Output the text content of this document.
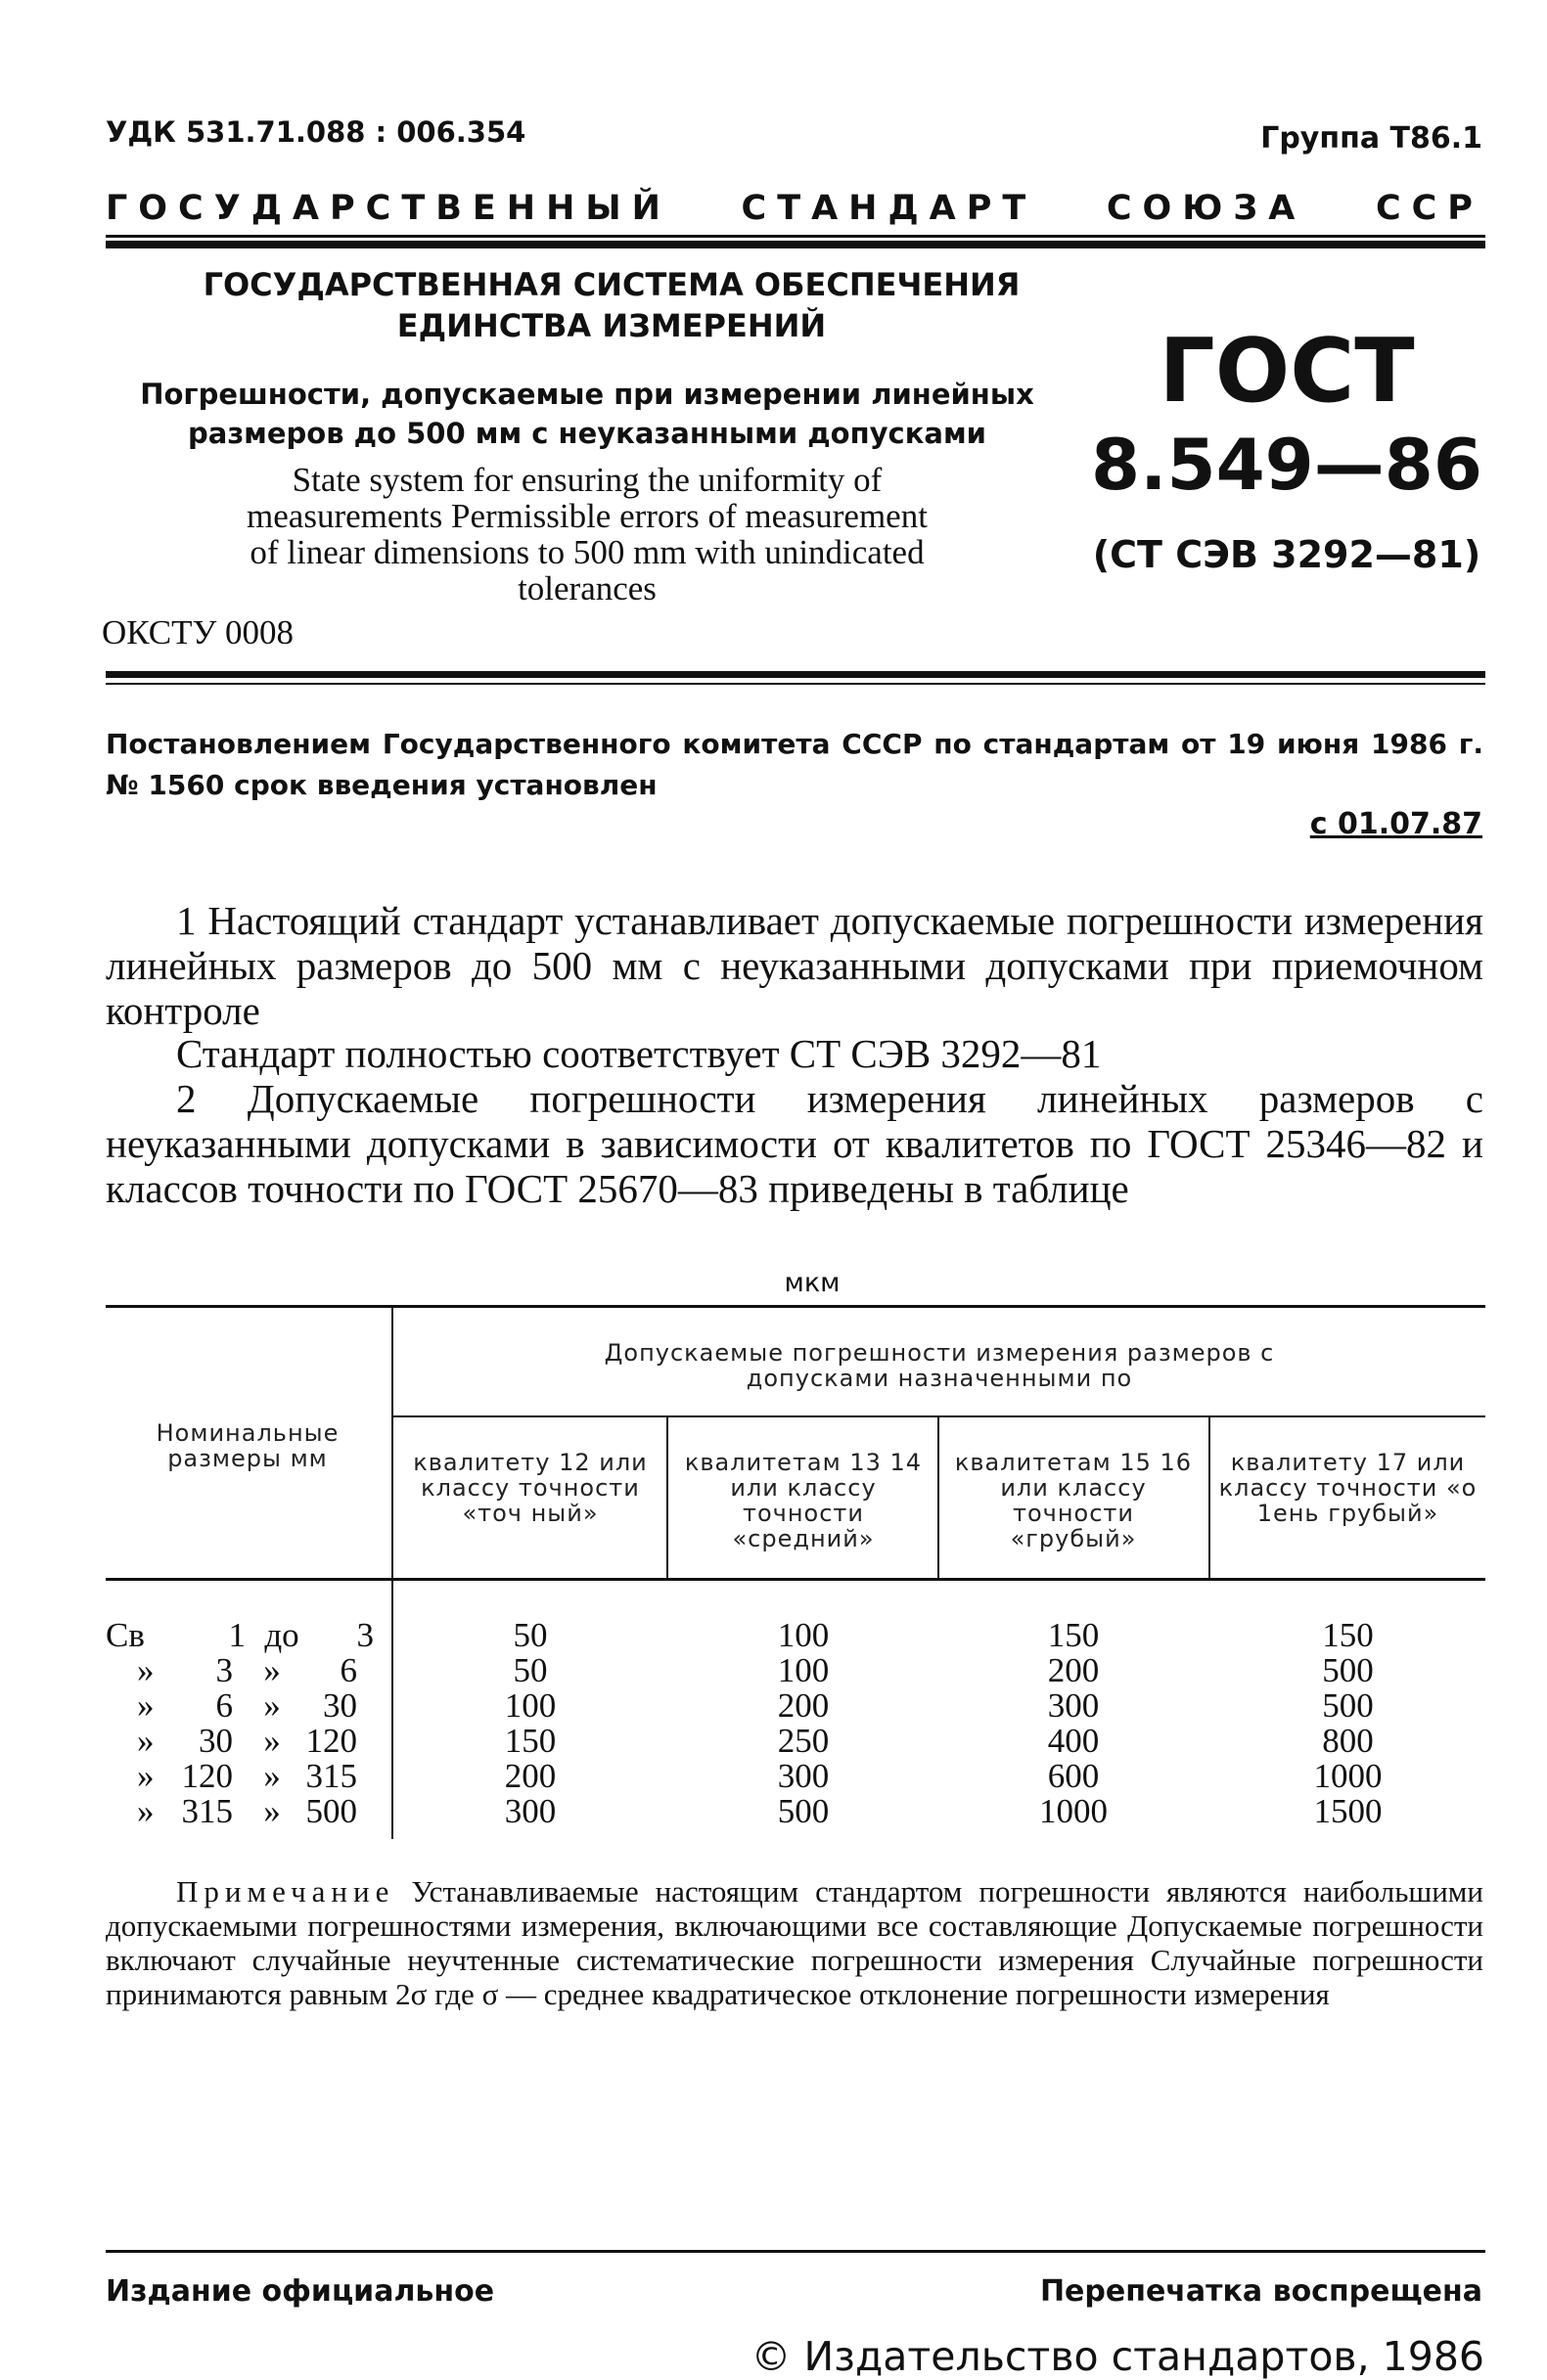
УДК 531.71.088 : 006.354	Группа Т86.1
ГОСУДАРСТВЕННЫЙ СТАНДАРТ СОЮЗА ССР
ГОСУДАРСТВЕННАЯ СИСТЕМА ОБЕСПЕЧЕНИЯ
ЕДИНСТВА ИЗМЕРЕНИЙ
Погрешности, допускаемые при измерении линейных
размеров до 500 мм с неуказанными допусками
State system for ensuring the uniformity of
measurements Permissible errors of measurement
of linear dimensions to 500 mm with unindicated
tolerances
ОКСТУ 0008
ГОСТ
8.549—86
(СТ СЭВ 3292—81)
Постановлением Государственного комитета СССР по стандартам от 19 июня 1986 г. № 1560 срок введения установлен
с 01.07.87
1 Настоящий стандарт устанавливает допускаемые погрешности измерения линейных размеров до 500 мм с неуказанными допусками при приемочном контроле
Стандарт полностью соответствует СТ СЭВ 3292—81
2 Допускаемые погрешности измерения линейных размеров с неуказанными допусками в зависимости от квалитетов по ГОСТ 25346—82 и классов точности по ГОСТ 25670—83 приведены в таблице
мкм
Номинальные размеры мм
Допускаемые погрешности измерения размеров с допусками назначенными по
квалитету 12 или классу точности «точ ный»
квалитетам 13 14 или классу точности «средний»
квалитетам 15 16 или классу точности «грубый»
квалитету 17 или классу точности «о 1ень грубый»
Св	1 до	3	50	100	150	150
»	3 »	6	50	100	200	500
»	6 »	30	100	200	300	500
»	30 » 120	150	250	400	800
» 120 » 315	200	300	600	1000
» 315 » 500	300	500	1000	1500
Примечание Устанавливаемые настоящим стандартом погрешности являются наибольшими допускаемыми погрешностями измерения, включающими все составляющие Допускаемые погрешности включают случайные неучтенные систематические погрешности измерения Случайные погрешности принимаются равным 2σ где σ — среднее квадратическое отклонение погрешности измерения
Издание официальное	Перепечатка воспрещена
© Издательство стандартов, 1986
